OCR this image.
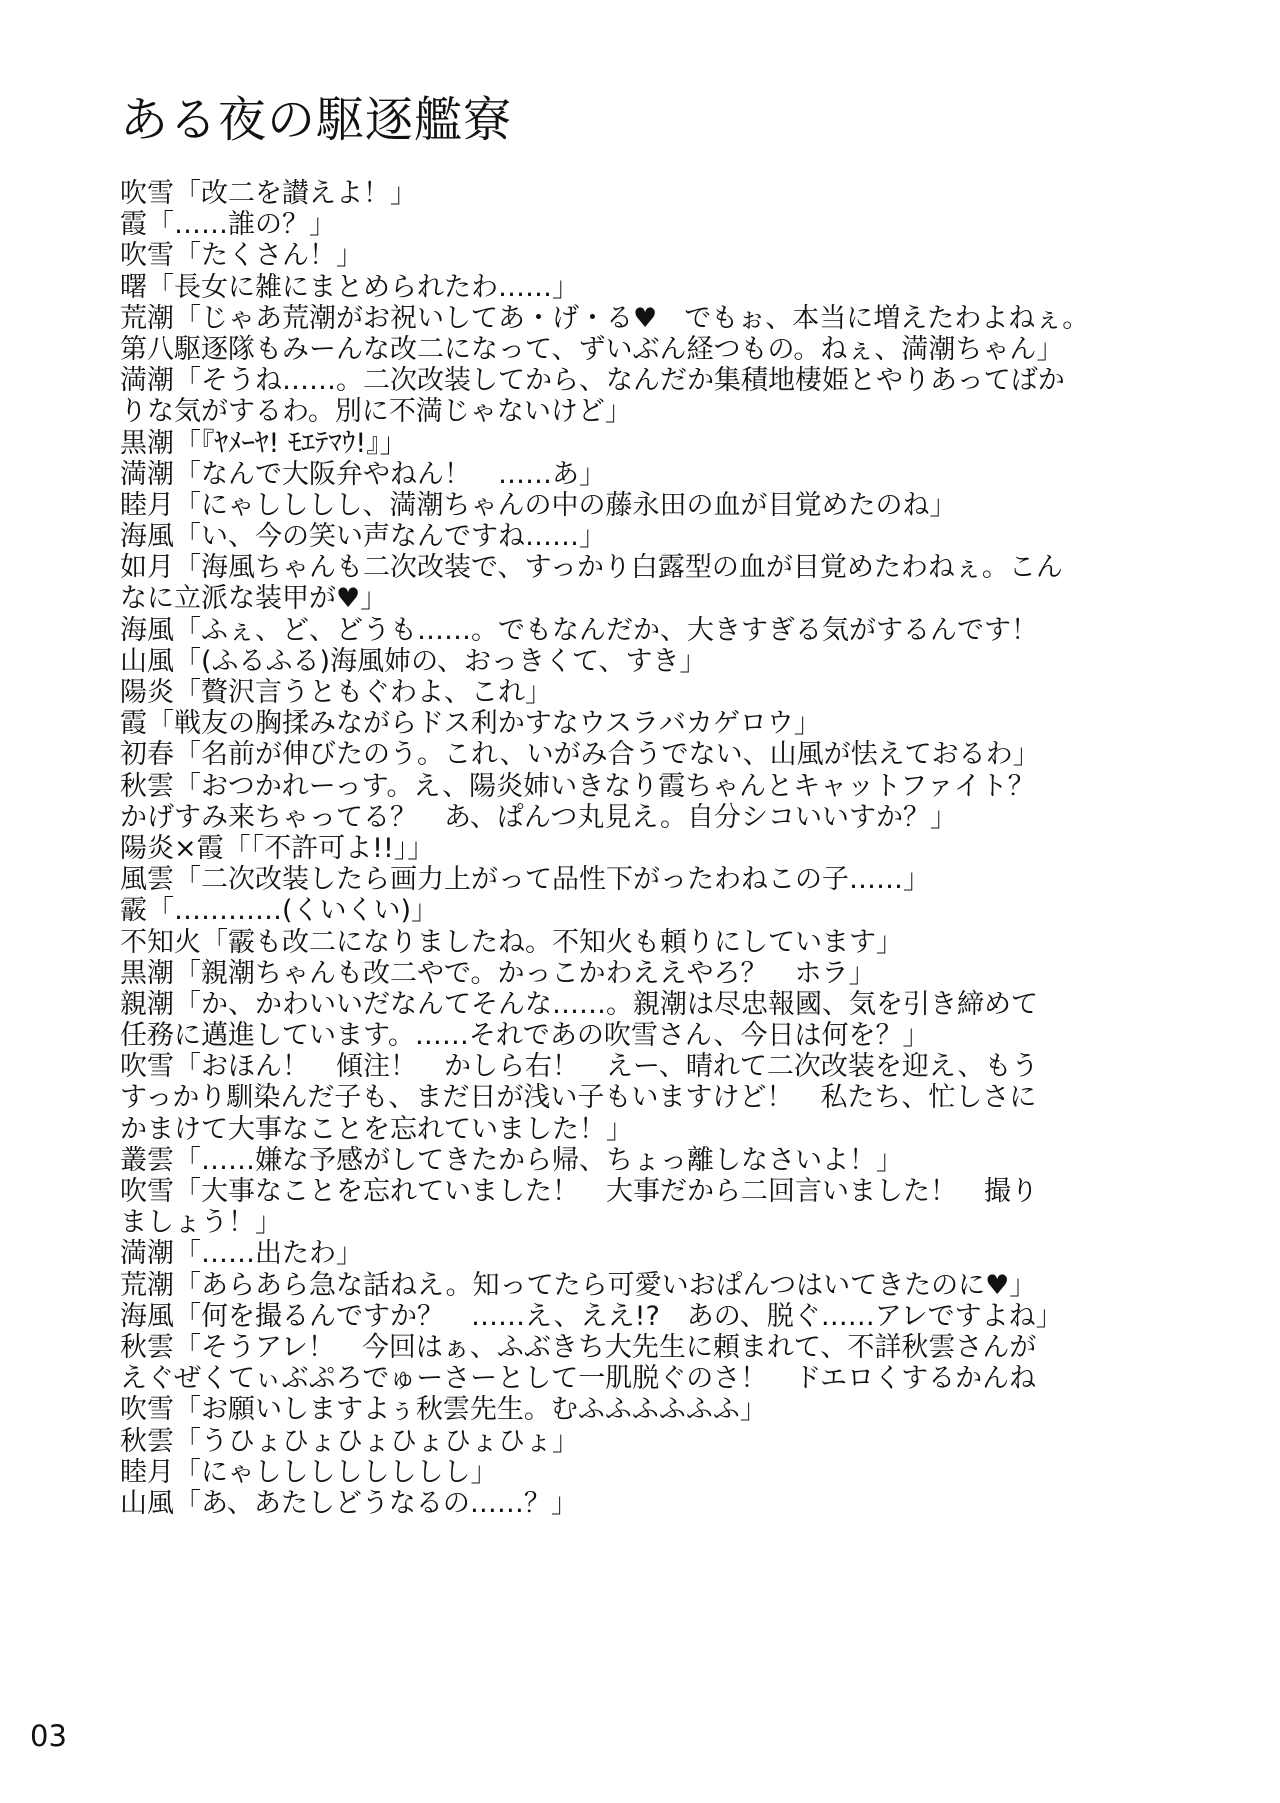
ある夜の駆逐艦寮
吹雪「改二を讃えよ！」
霞「……誰の？」
吹雪「たくさん！」
曙「長女に雑にまとめられたわ……」
荒潮「じゃあ荒潮がお祝いしてあ・げ・る♥　でもぉ、本当に増えたわよねぇ。
第八駆逐隊もみーんな改二になって、ずいぶん経つもの。ねぇ、満潮ちゃん」
満潮「そうね……。二次改装してから、なんだか集積地棲姫とやりあってばか
りな気がするわ。別に不満じゃないけど」
黒潮「『ﾔﾒｰﾔ! ﾓｴﾃﾏｳ!』」
満潮「なんで大阪弁やねん！　……あ」
睦月「にゃしししし、満潮ちゃんの中の藤永田の血が目覚めたのね」
海風「い、今の笑い声なんですね……」
如月「海風ちゃんも二次改装で、すっかり白露型の血が目覚めたわねぇ。こん
なに立派な装甲が♥」
海風「ふぇ、ど、どうも……。でもなんだか、大きすぎる気がするんです！
山風「(ふるふる)海風姉の、おっきくて、すき」
陽炎「贅沢言うともぐわよ、これ」
霞「戦友の胸揉みながらドス利かすなウスラバカゲロウ」
初春「名前が伸びたのう。これ、いがみ合うでない、山風が怯えておるわ」
秋雲「おつかれーっす。え、陽炎姉いきなり霞ちゃんとキャットファイト？
かげすみ来ちゃってる？　あ、ぱんつ丸見え。自分シコいいすか？」
陽炎×霞「「不許可よ!!」」
風雲「二次改装したら画力上がって品性下がったわねこの子……」
霰「…………(くいくい)」
不知火「霰も改二になりましたね。不知火も頼りにしています」
黒潮「親潮ちゃんも改二やで。かっこかわええやろ？　ホラ」
親潮「か、かわいいだなんてそんな……。親潮は尽忠報國、気を引き締めて
任務に邁進しています。……それであの吹雪さん、今日は何を？」
吹雪「おほん！　傾注！　かしら右！　えー、晴れて二次改装を迎え、もう
すっかり馴染んだ子も、まだ日が浅い子もいますけど！　私たち、忙しさに
かまけて大事なことを忘れていました！」
叢雲「……嫌な予感がしてきたから帰、ちょっ離しなさいよ！」
吹雪「大事なことを忘れていました！　大事だから二回言いました！　撮り
ましょう！」
満潮「……出たわ」
荒潮「あらあら急な話ねえ。知ってたら可愛いおぱんつはいてきたのに♥」
海風「何を撮るんですか？　……え、ええ!?　あの、脱ぐ……アレですよね」
秋雲「そうアレ！　今回はぁ、ふぶきち大先生に頼まれて、不詳秋雲さんが
えぐぜくてぃぶぷろでゅーさーとして一肌脱ぐのさ！　ドエロくするかんね
吹雪「お願いしますよぅ秋雲先生。むふふふふふふ」
秋雲「うひょひょひょひょひょひょ」
睦月「にゃしししししししし」
山風「あ、あたしどうなるの……？」
03
